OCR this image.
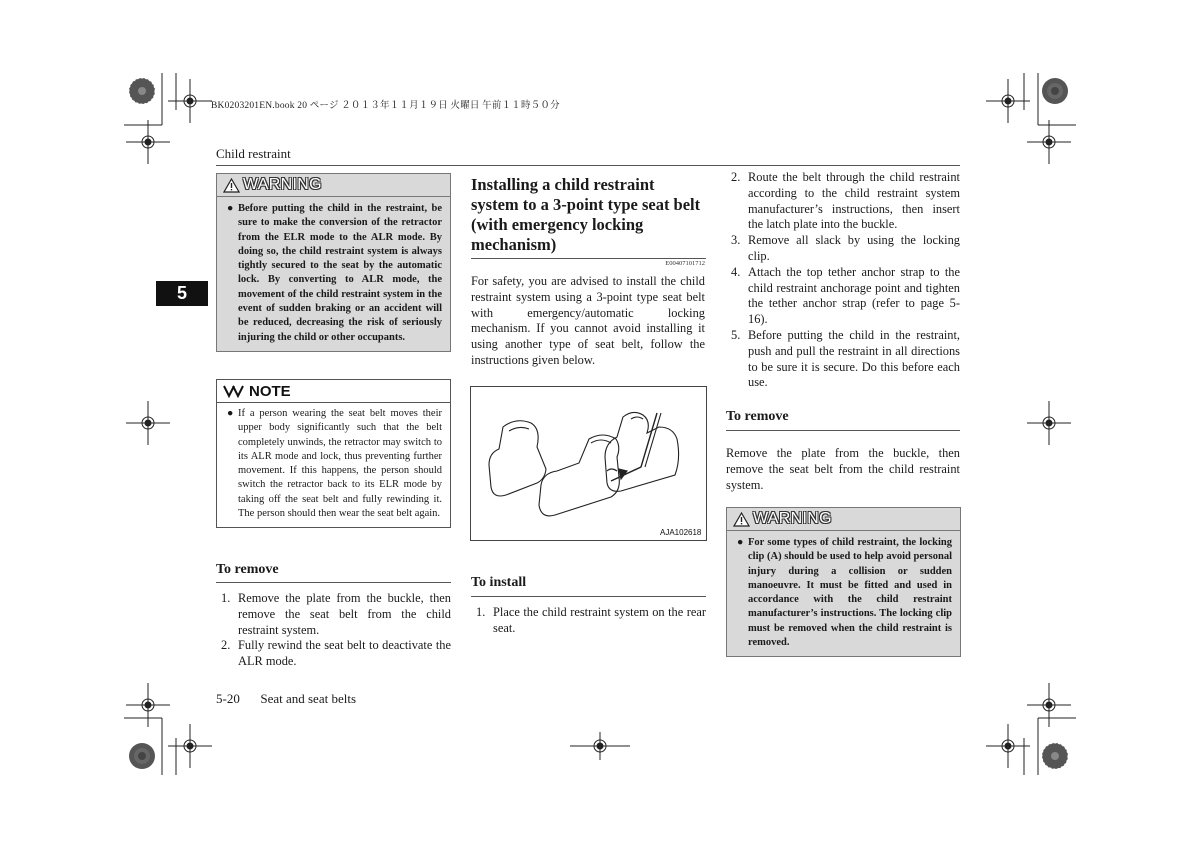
BK0203201EN.book 20 ページ ２０１３年１１月１９日 火曜日 午前１１時５０分
Child restraint
5
WARNING
● Before putting the child in the restraint, be sure to make the conversion of the retractor from the ELR mode to the ALR mode. By doing so, the child restraint system is always tightly secured to the seat by the automatic lock. By converting to ALR mode, the movement of the child restraint system in the event of sudden braking or an accident will be reduced, decreasing the risk of seriously injuring the child or other occupants.
NOTE
● If a person wearing the seat belt moves their upper body significantly such that the belt completely unwinds, the retractor may switch to its ALR mode and lock, thus preventing further movement. If this happens, the person should switch the retractor back to its ELR mode by taking off the seat belt and fully rewinding it. The person should then wear the seat belt again.
To remove
1. Remove the plate from the buckle, then remove the seat belt from the child restraint system.
2. Fully rewind the seat belt to deactivate the ALR mode.
Installing a child restraint system to a 3-point type seat belt (with emergency locking mechanism)
E00407101712
For safety, you are advised to install the child restraint system using a 3-point type seat belt with emergency/automatic locking mechanism. If you cannot avoid installing it using another type of seat belt, follow the instructions given below.
AJA102618
To install
1. Place the child restraint system on the rear seat.
2. Route the belt through the child restraint according to the child restraint system manufacturer’s instructions, then insert the latch plate into the buckle.
3. Remove all slack by using the locking clip.
4. Attach the top tether anchor strap to the child restraint anchorage point and tighten the tether anchor strap (refer to page 5-16).
5. Before putting the child in the restraint, push and pull the restraint in all directions to be sure it is secure. Do this before each use.
To remove
Remove the plate from the buckle, then remove the seat belt from the child restraint system.
WARNING
● For some types of child restraint, the locking clip (A) should be used to help avoid personal injury during a collision or sudden manoeuvre. It must be fitted and used in accordance with the child restraint manufacturer’s instructions. The locking clip must be removed when the child restraint is removed.
5-20 Seat and seat belts
